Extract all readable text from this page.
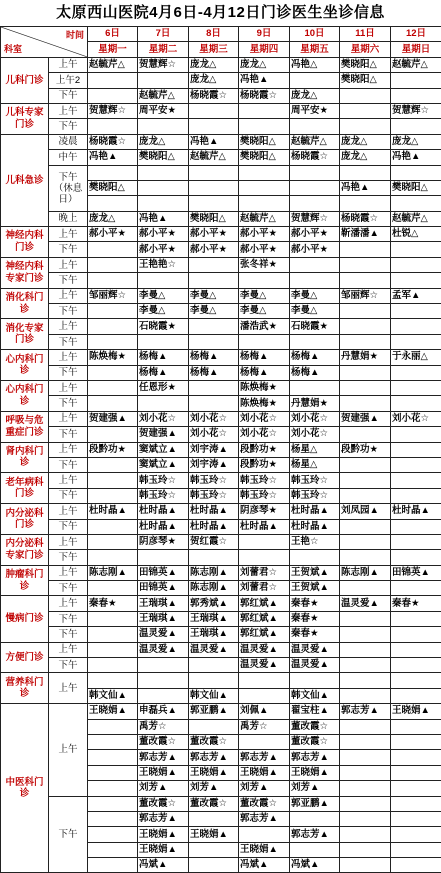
太原西山医院4月6日-4月12日门诊医生坐诊信息
时间
科室		6日	7日	8日	9日	10日	11日	12日
		星期一	星期二	星期三	星期四	星期五	星期六	星期日
儿科门诊	上午	赵毓芹△	贺慧辉☆	庞龙△	庞龙△	冯艳△	樊晓阳△	赵毓芹△
	上午2			庞龙△	冯艳▲		樊晓阳△	
	下午		赵毓芹△	杨晓霞☆	杨晓霞☆	庞龙△		
儿科专家门诊	上午	贺慧辉☆	周平安★			周平安★		贺慧辉☆
	下午							
儿科急诊	凌晨	杨晓霞☆	庞龙△	冯艳▲	樊晓阳△	赵毓芹△	庞龙△	庞龙△
	中午	冯艳▲	樊晓阳△	赵毓芹△	樊晓阳△	杨晓霞☆	庞龙△	冯艳▲
	下午（休息日）							
		樊晓阳△					冯艳▲	樊晓阳△

	晚上	庞龙△	冯艳▲	樊晓阳△	赵毓芹△	贺慧辉☆	杨晓霞☆	赵毓芹△
神经内科门诊	上午	郝小平★	郝小平★	郝小平★	郝小平★	郝小平★	靳潘潘▲	杜锐△
	下午		郝小平★	郝小平★	郝小平★	郝小平★		
神经内科专家门诊	上午		王艳艳☆		张冬祥★			
	下午							
消化科门诊	上午	邹丽辉☆	李曼△	李曼△	李曼△	李曼△	邹丽辉☆	孟军▲
	下午		李曼△	李曼△	李曼△	李曼△		
消化专家门诊	上午		石晓霞★		潘浩武★	石晓霞★		
	下午							
心内科门诊	上午	陈焕梅★	杨梅▲	杨梅▲	杨梅▲	杨梅▲	丹慧娟★	于永丽△
	下午		杨梅▲	杨梅▲	杨梅▲	杨梅▲		
心内科门诊	上午		任恩形★		陈焕梅★			
	下午				陈焕梅★	丹慧娟★		
呼吸与危重症门诊	上午	贺建强▲	刘小花☆	刘小花☆	刘小花☆	刘小花☆	贺建强▲	刘小花☆
	下午		贺建强▲	刘小花☆	刘小花☆	刘小花☆		
肾内科门诊	上午	段黔功★	窦斌立▲	刘宇涛▲	段黔功★	杨星△	段黔功★	
	下午		窦斌立▲	刘宇涛▲	段黔功★	杨星△		
老年病科门诊	上午		韩玉玲☆	韩玉玲☆	韩玉玲☆	韩玉玲☆		
	下午		韩玉玲☆	韩玉玲☆	韩玉玲☆	韩玉玲☆		
内分泌科门诊	上午	杜时晶▲	杜时晶▲	杜时晶▲	阴彦琴★	杜时晶▲	刘凤园▲	杜时晶▲
	下午		杜时晶▲	杜时晶▲	杜时晶▲	杜时晶▲		
内分泌科专家门诊	上午		阴彦琴★	贺红霞☆		王艳☆		
	下午							
肿瘤科门诊	上午	陈志刚▲	田锦英▲	陈志刚▲	刘蕾君☆	王贺斌▲	陈志刚▲	田锦英▲
	下午		田锦英▲	陈志刚▲	刘蕾君☆	王贺斌▲		
慢病门诊	上午	秦春★	王瑞琪▲	郭秀斌▲	郭红斌▲	秦春★	温灵爱▲	秦春★
	下午		王瑞琪▲	王瑞琪▲	郭红斌▲	秦春★		
	下午		温灵爱▲	王瑞琪▲	郭红斌▲	秦春★		
方便门诊	上午		温灵爱▲	温灵爱▲	温灵爱▲	温灵爱▲		
	下午				温灵爱▲	温灵爱▲		
营养科门诊	上午							
		韩文仙▲		韩文仙▲		韩文仙▲		
中医科门诊	上午	王晓娟▲	申磊兵▲	郭亚鹏▲	刘佩▲	翟宝柱▲	郭志芳▲	王晓娟▲
			禹芳☆		禹芳☆	董改霞☆		
			董改霞☆	董改霞☆		董改霞☆		
			郭志芳▲	郭志芳▲	郭志芳▲	郭志芳▲		
			王晓娟▲	王晓娟▲	王晓娟▲	王晓娟▲		
			刘芳▲	刘芳▲	刘芳▲	刘芳▲		
	下午		董改霞☆	董改霞☆	董改霞☆	郭亚鹏▲		
			郭志芳▲		郭志芳▲			
			王晓娟▲	王晓娟▲		郭志芳▲		
			王晓娟▲		王晓娟▲			
			冯斌▲		冯斌▲	冯斌▲		
